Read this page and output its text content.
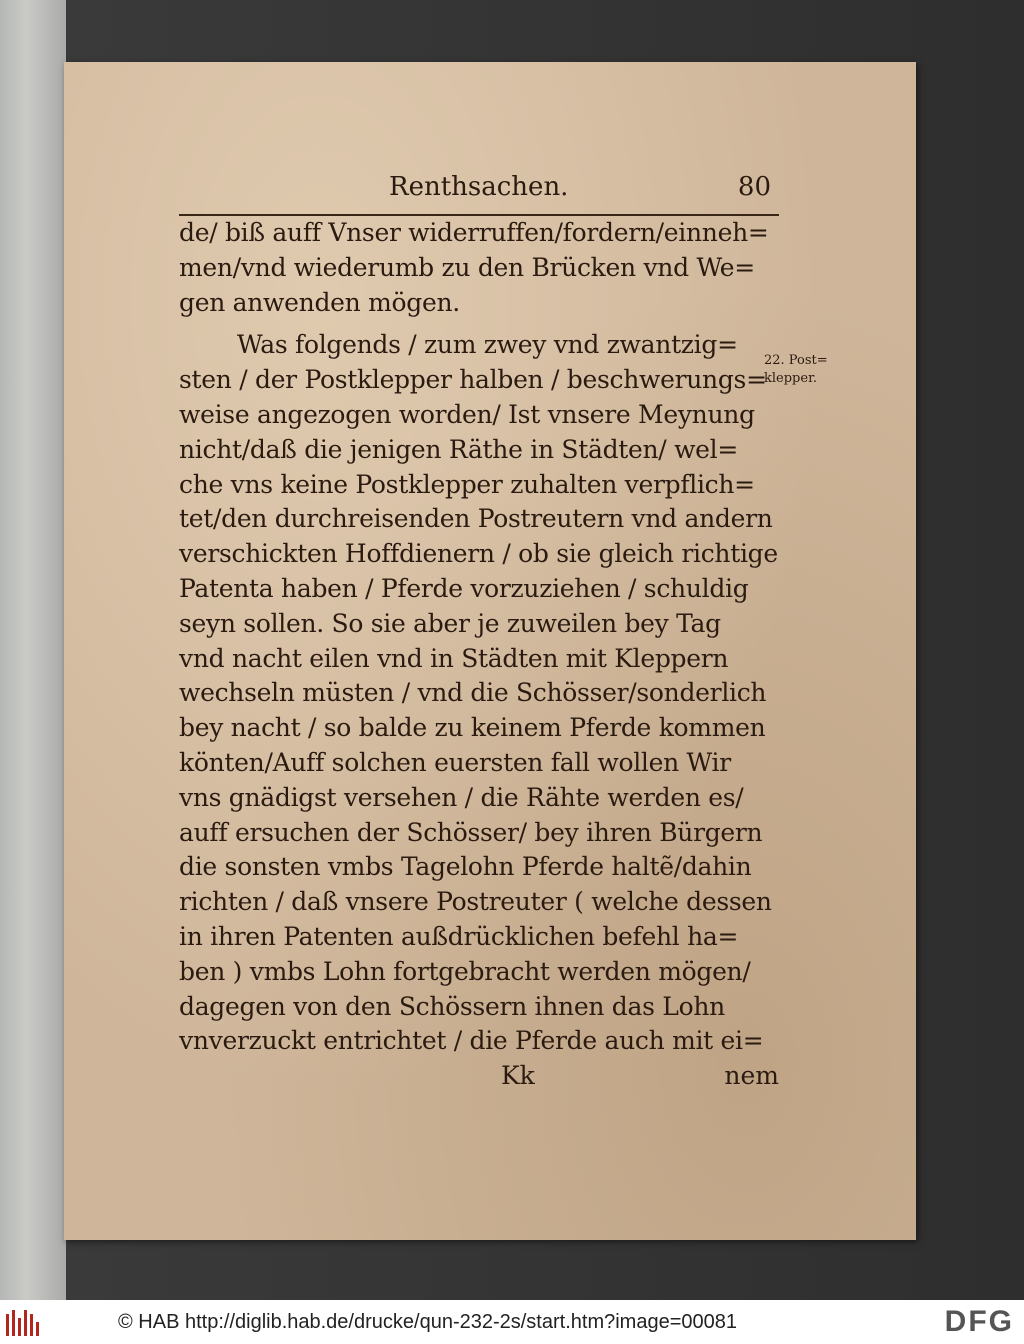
Renthsachen.	80
de/ biß auff Vnser widerruffen/fordern/einneh=
men/vnd wiederumb zu den Brücken vnd We=
gen anwenden mögen.
Was folgends / zum zwey vnd zwantzig=
sten / der Postklepper halben / beschwerungs=
weise angezogen worden/ Ist vnsere Meynung
nicht/daß die jenigen Räthe in Städten/ wel=
che vns keine Postklepper zuhalten verpflich=
tet/den durchreisenden Postreutern vnd andern
verschickten Hoffdienern / ob sie gleich richtige
Patenta haben / Pferde vorzuziehen / schuldig
seyn sollen. So sie aber je zuweilen bey Tag
vnd nacht eilen vnd in Städten mit Kleppern
wechseln müsten / vnd die Schösser/sonderlich
bey nacht / so balde zu keinem Pferde kommen
könten/Auff solchen euersten fall wollen Wir
vns gnädigst versehen / die Rähte werden es/
auff ersuchen der Schösser/ bey ihren Bürgern
die sonsten vmbs Tagelohn Pferde haltẽ/dahin
richten / daß vnsere Postreuter ( welche dessen
in ihren Patenten außdrücklichen befehl ha=
ben ) vmbs Lohn fortgebracht werden mögen/
dagegen von den Schössern ihnen das Lohn
vnverzuckt entrichtet / die Pferde auch mit ei=
Kk	nem
22. Post=
klepper.
© HAB http://diglib.hab.de/drucke/qun-232-2s/start.htm?image=00081	DFG
